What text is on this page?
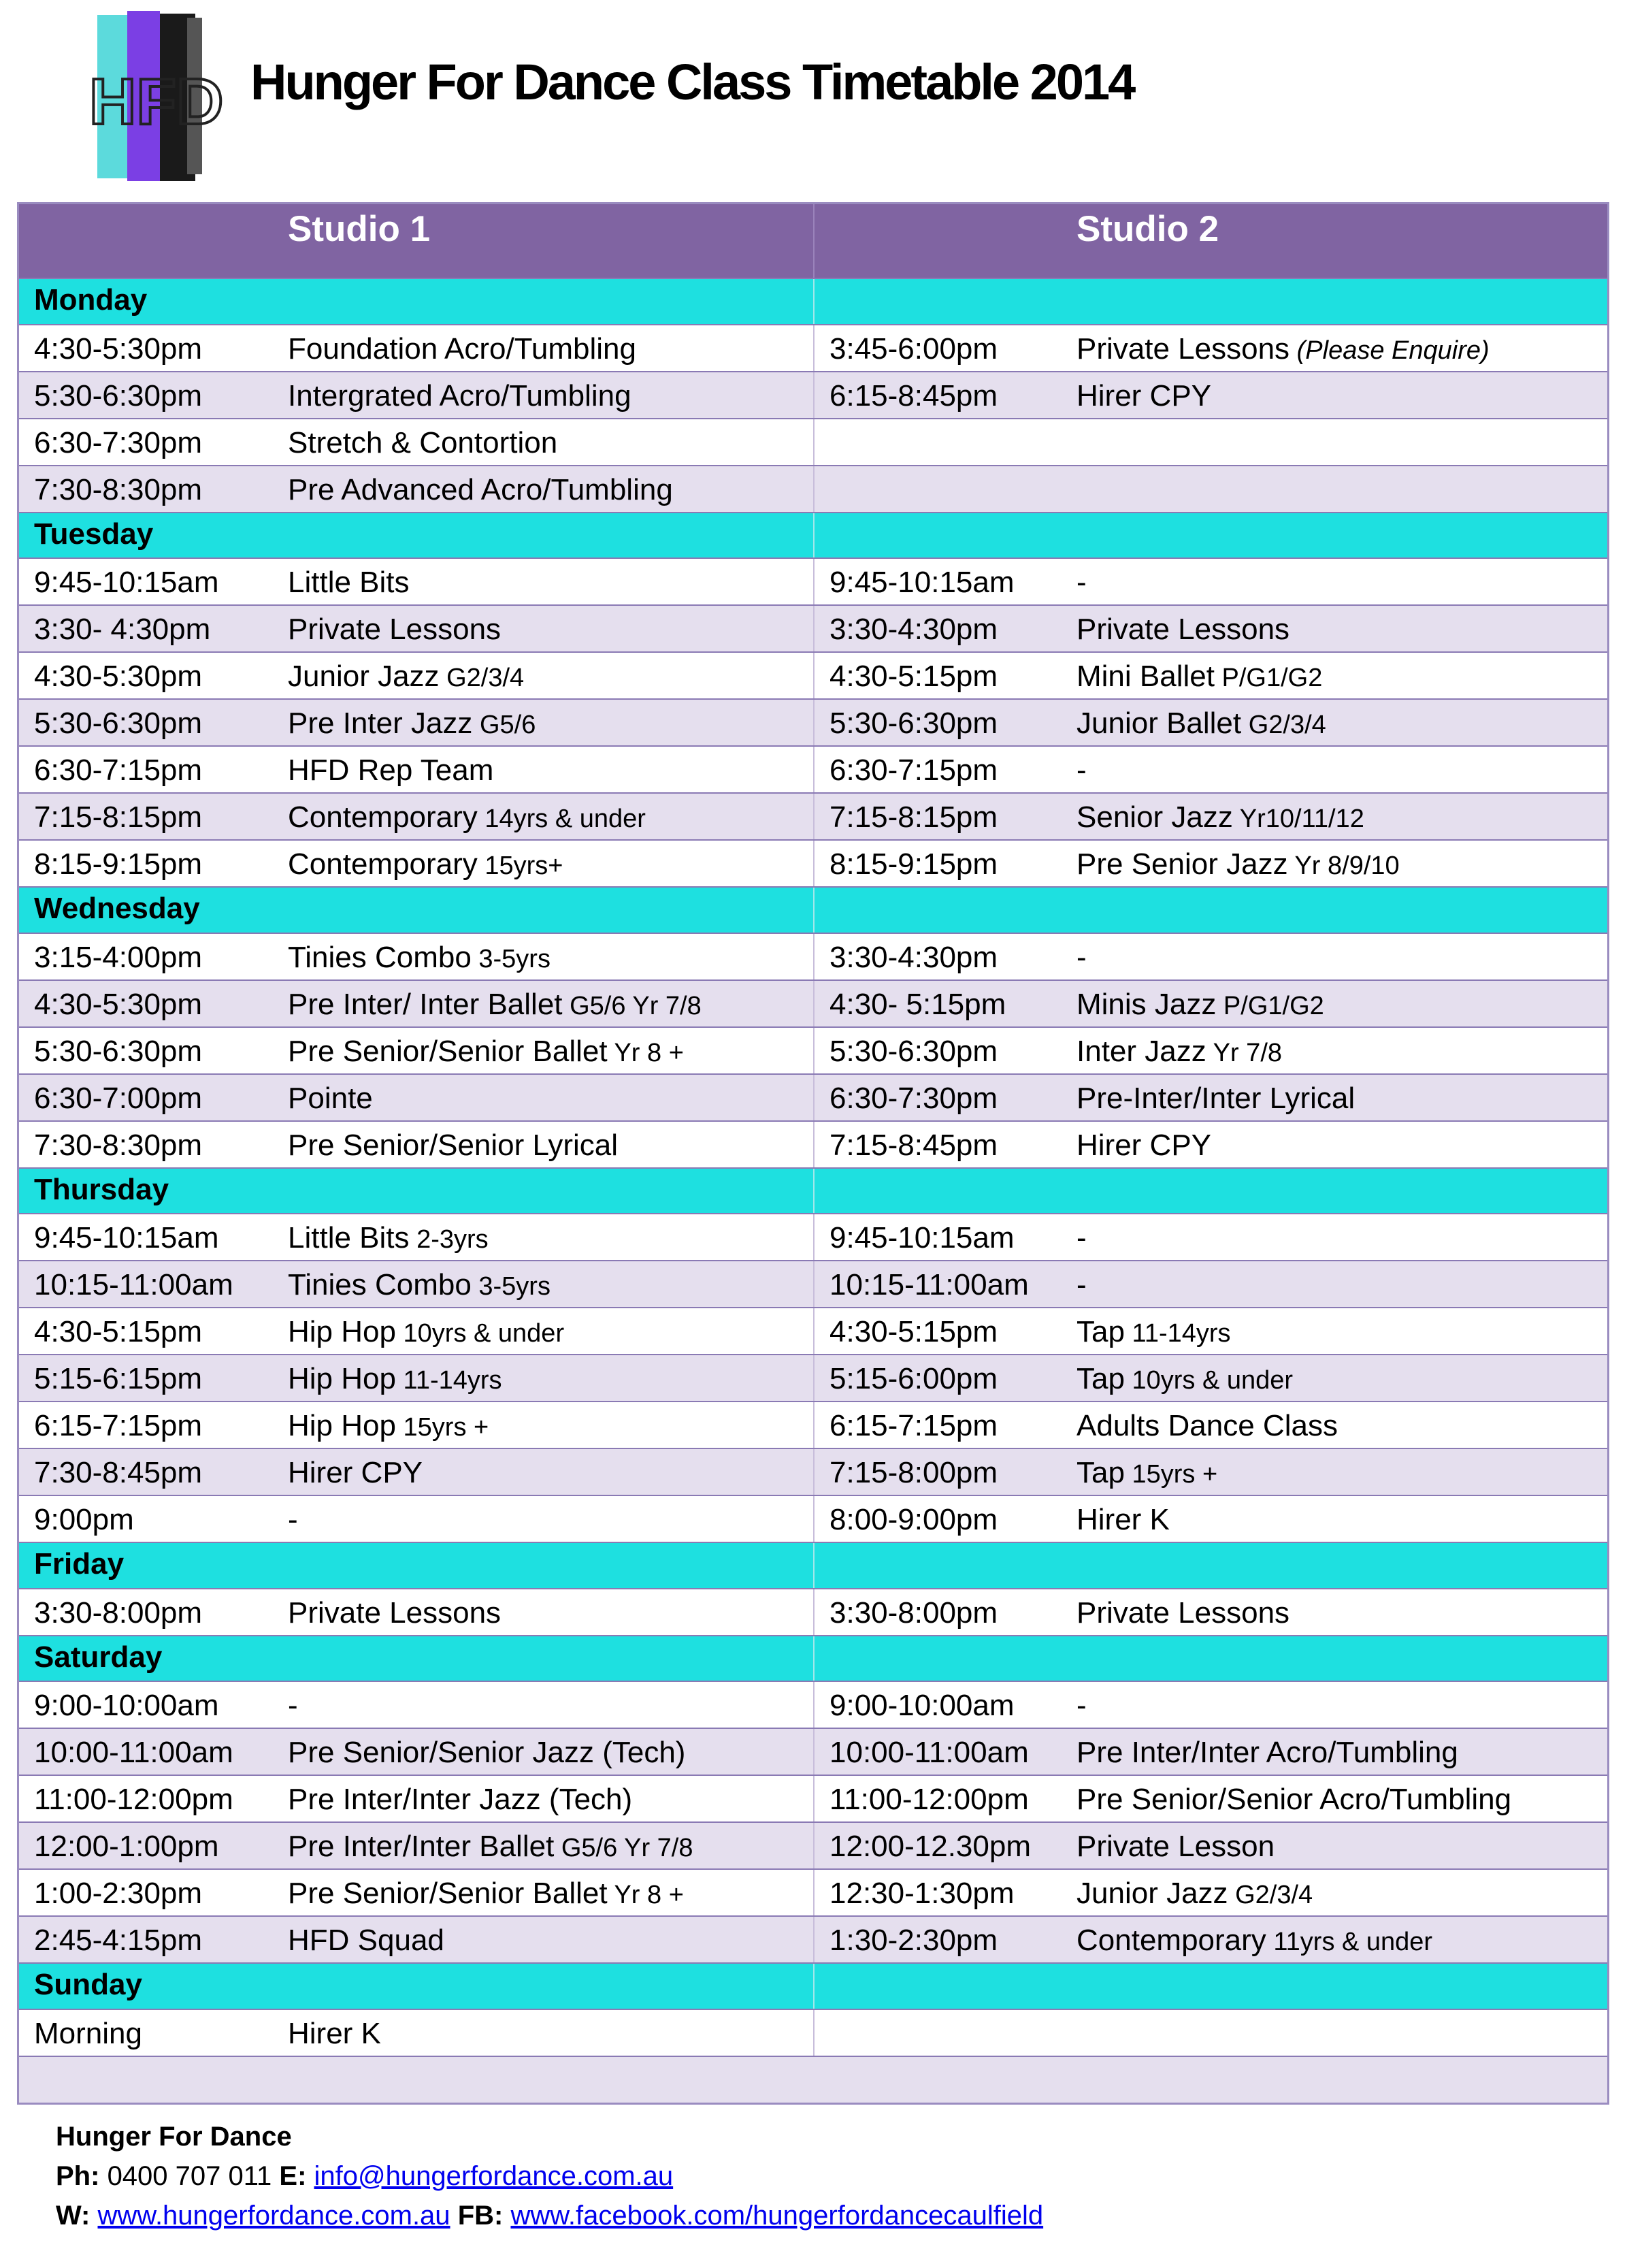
HFD Hunger For Dance Class Timetable 2014
Studio 1	Studio 2
Monday
4:30-5:30pm	Foundation Acro/Tumbling	3:45-6:00pm	Private Lessons (Please Enquire)
5:30-6:30pm	Intergrated Acro/Tumbling	6:15-8:45pm	Hirer CPY
6:30-7:30pm	Stretch & Contortion
7:30-8:30pm	Pre Advanced Acro/Tumbling
Tuesday
9:45-10:15am Little Bits	9:45-10:15am -
3:30- 4:30pm	Private Lessons	3:30-4:30pm	Private Lessons
4:30-5:30pm	Junior Jazz G2/3/4	4:30-5:15pm	Mini Ballet P/G1/G2
5:30-6:30pm	Pre Inter Jazz G5/6	5:30-6:30pm	Junior Ballet G2/3/4
6:30-7:15pm	HFD Rep Team	6:30-7:15pm	-
7:15-8:15pm	Contemporary 14yrs & under	7:15-8:15pm	Senior Jazz Yr10/11/12
8:15-9:15pm	Contemporary 15yrs+	8:15-9:15pm	Pre Senior Jazz Yr 8/9/10
Wednesday
3:15-4:00pm	Tinies Combo 3-5yrs	3:30-4:30pm	-
4:30-5:30pm	Pre Inter/ Inter Ballet G5/6 Yr 7/8	4:30- 5:15pm Minis Jazz P/G1/G2
5:30-6:30pm	Pre Senior/Senior Ballet Yr 8 +	5:30-6:30pm	Inter Jazz Yr 7/8
6:30-7:00pm	Pointe	6:30-7:30pm	Pre-Inter/Inter Lyrical
7:30-8:30pm	Pre Senior/Senior Lyrical	7:15-8:45pm	Hirer CPY
Thursday
9:45-10:15am Little Bits 2-3yrs	9:45-10:15am -
10:15-11:00am Tinies Combo 3-5yrs	10:15-11:00am -
4:30-5:15pm	Hip Hop 10yrs & under	4:30-5:15pm	Tap 11-14yrs
5:15-6:15pm	Hip Hop 11-14yrs	5:15-6:00pm	Tap 10yrs & under
6:15-7:15pm	Hip Hop 15yrs +	6:15-7:15pm	Adults Dance Class
7:30-8:45pm	Hirer CPY	7:15-8:00pm	Tap 15yrs +
9:00pm	-	8:00-9:00pm	Hirer K
Friday
3:30-8:00pm	Private Lessons	3:30-8:00pm	Private Lessons
Saturday
9:00-10:00am -	9:00-10:00am -
10:00-11:00am Pre Senior/Senior Jazz (Tech)	10:00-11:00am Pre Inter/Inter Acro/Tumbling
11:00-12:00pm Pre Inter/Inter Jazz (Tech)	11:00-12:00pm Pre Senior/Senior Acro/Tumbling
12:00-1:00pm Pre Inter/Inter Ballet G5/6 Yr 7/8	12:00-12.30pm Private Lesson
1:00-2:30pm	Pre Senior/Senior Ballet Yr 8 +	12:30-1:30pm Junior Jazz G2/3/4
2:45-4:15pm	HFD Squad	1:30-2:30pm	Contemporary 11yrs & under
Sunday
Morning	Hirer K
Hunger For Dance
Ph: 0400 707 011 E: info@hungerfordance.com.au
W: www.hungerfordance.com.au FB: www.facebook.com/hungerfordancecaulfield
